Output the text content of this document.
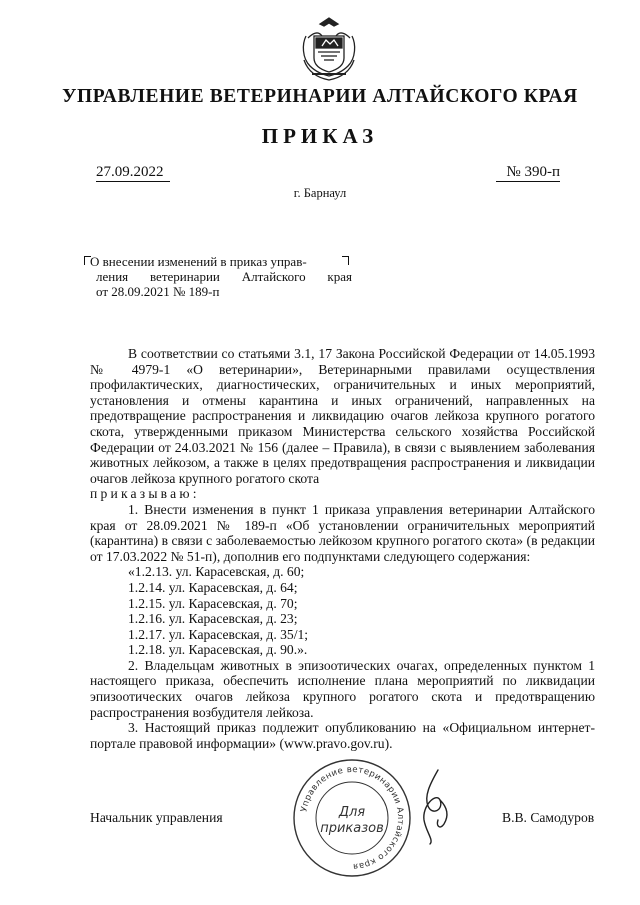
УПРАВЛЕНИЕ ВЕТЕРИНАРИИ АЛТАЙСКОГО КРАЯ
ПРИКАЗ
27.09.2022	№ 390-п
г. Барнаул
О внесении изменений в приказ управ-
ления ветеринарии Алтайского края
от 28.09.2021 № 189-п

В соответствии со статьями 3.1, 17 Закона Российской Федерации от 14.05.1993 № 4979-1 «О ветеринарии», Ветеринарными правилами осуществления профилактических, диагностических, ограничительных и иных мероприятий, установления и отмены карантина и иных ограничений, направленных на предотвращение распространения и ликвидацию очагов лейкоза крупного рогатого скота, утвержденными приказом Министерства сельского хозяйства Российской Федерации от 24.03.2021 № 156 (далее – Правила), в связи с выявлением заболевания животных лейкозом, а также в целях предотвращения распространения и ликвидации очагов лейкоза крупного рогатого скота

приказываю:

1. Внести изменения в пункт 1 приказа управления ветеринарии Алтайского края от 28.09.2021 № 189-п «Об установлении ограничительных мероприятий (карантина) в связи с заболеваемостью лейкозом крупного рогатого скота» (в редакции от 17.03.2022 № 51-п), дополнив его подпунктами следующего содержания:

«1.2.13. ул. Карасевская, д. 60;

1.2.14. ул. Карасевская, д. 64;

1.2.15. ул. Карасевская, д. 70;

1.2.16. ул. Карасевская, д. 23;

1.2.17. ул. Карасевская, д. 35/1;

1.2.18. ул. Карасевская, д. 90.».

2. Владельцам животных в эпизоотических очагах, определенных пунктом 1 настоящего приказа, обеспечить исполнение плана мероприятий по ликвидации эпизоотических очагов лейкоза крупного рогатого скота и предотвращению распространения возбудителя лейкоза.

3. Настоящий приказ подлежит опубликованию на «Официальном интернет-портале правовой информации» (www.pravo.gov.ru).

Начальник управления	В.В. Самодуров
Управление ветеринарии Алтайского края
Для
приказов
